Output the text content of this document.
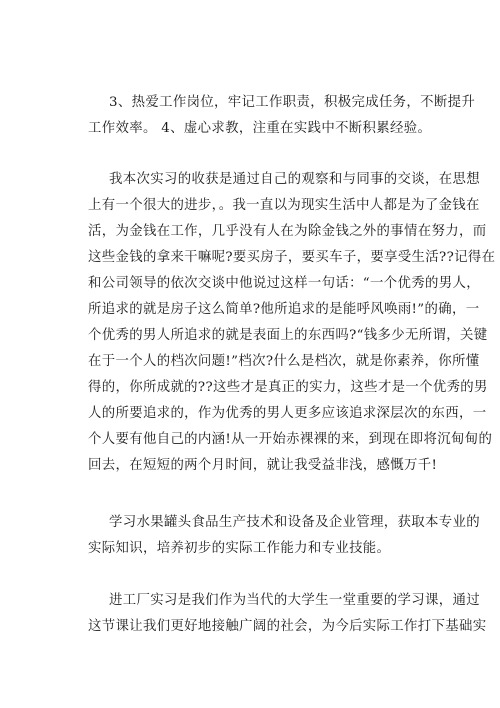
3、热爱工作岗位，牢记工作职责，积极完成任务，不断提升
工作效率。 4、虚心求教，注重在实践中不断积累经验。
我本次实习的收获是通过自己的观察和与同事的交谈，在思想
上有一个很大的进步，。我一直以为现实生活中人都是为了金钱在
活，为金钱在工作，几乎没有人在为除金钱之外的事情在努力，而
这些金钱的拿来干嘛呢?要买房子，要买车子，要享受生活??记得在
和公司领导的依次交谈中他说过这样一句话：“一个优秀的男人，
所追求的就是房子这么简单?他所追求的是能呼风唤雨!”的确，一
个优秀的男人所追求的就是表面上的东西吗?“钱多少无所谓，关键
在于一个人的档次问题!”档次?什么是档次，就是你素养，你所懂
得的，你所成就的??这些才是真正的实力，这些才是一个优秀的男
人的所要追求的，作为优秀的男人更多应该追求深层次的东西，一
个人要有他自己的内涵!从一开始赤裸裸的来，到现在即将沉甸甸的
回去，在短短的两个月时间，就让我受益非浅，感慨万千!
学习水果罐头食品生产技术和设备及企业管理，获取本专业的
实际知识，培养初步的实际工作能力和专业技能。
进工厂实习是我们作为当代的大学生一堂重要的学习课，通过
这节课让我们更好地接触广阔的社会，为今后实际工作打下基础实
